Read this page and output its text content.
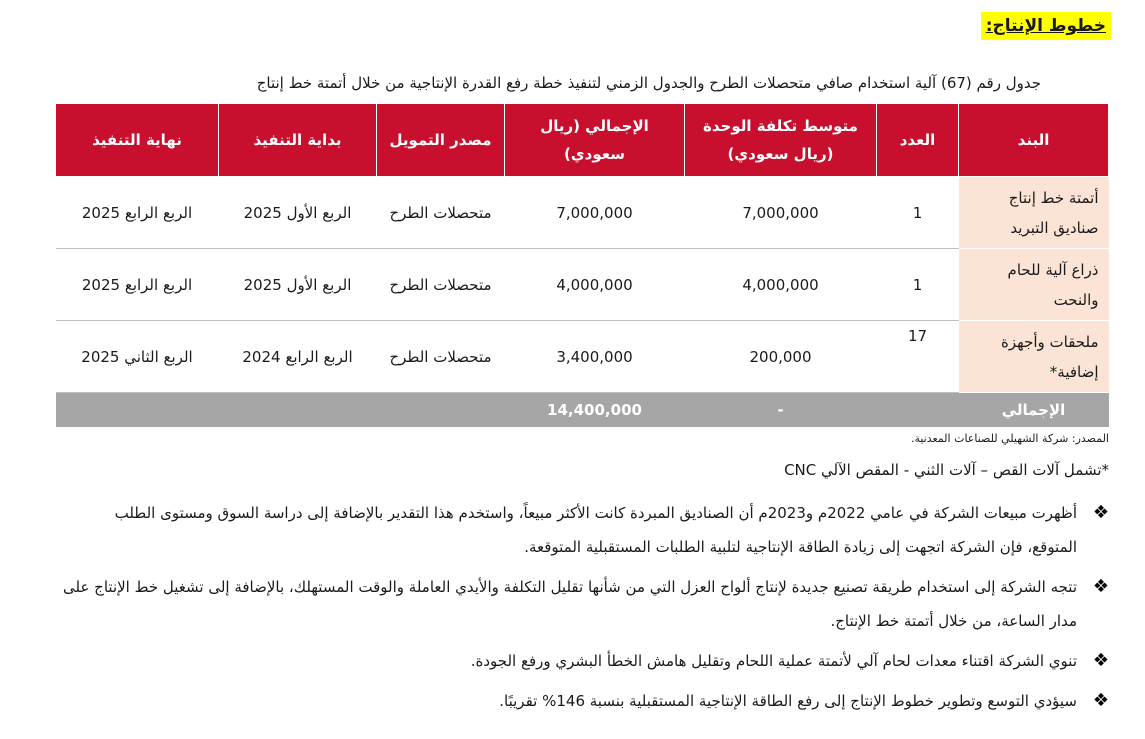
خطوط الإنتاج:
جدول رقم (67) آلية استخدام صافي متحصلات الطرح والجدول الزمني لتنفيذ خطة رفع القدرة الإنتاجية من خلال أتمتة خط إنتاج
البند	العدد	متوسط تكلفة الوحدة (ريال سعودي)	الإجمالي (ريال سعودي)	مصدر التمويل	بداية التنفيذ	نهاية التنفيذ
أتمتة خط إنتاج صناديق التبريد	1	7,000,000	7,000,000	متحصلات الطرح	الربع الأول 2025	الربع الرابع 2025
ذراع آلية للحام والنحت	1	4,000,000	4,000,000	متحصلات الطرح	الربع الأول 2025	الربع الرابع 2025
ملحقات وأجهزة إضافية*	17	200,000	3,400,000	متحصلات الطرح	الربع الرابع 2024	الربع الثاني 2025
الإجمالي		-	14,400,000			
المصدر: شركة الشهيلي للصناعات المعدنية.
*تشمل آلات القص – آلات الثني - المقص الآلي CNC
❖
أظهرت مبيعات الشركة في عامي 2022م و2023م أن الصناديق المبردة كانت الأكثر مبيعاً، واستخدم هذا التقدير بالإضافة إلى دراسة السوق ومستوى الطلب المتوقع، فإن الشركة اتجهت إلى زيادة الطاقة الإنتاجية لتلبية الطلبات المستقبلية المتوقعة.
❖
تتجه الشركة إلى استخدام طريقة تصنيع جديدة لإنتاج ألواح العزل التي من شأنها تقليل التكلفة والأيدي العاملة والوقت المستهلك، بالإضافة إلى تشغيل خط الإنتاج على مدار الساعة، من خلال أتمتة خط الإنتاج.
❖
تنوي الشركة اقتناء معدات لحام آلي لأتمتة عملية اللحام وتقليل هامش الخطأ البشري ورفع الجودة.
❖
سيؤدي التوسع وتطوير خطوط الإنتاج إلى رفع الطاقة الإنتاجية المستقبلية بنسبة 146% تقريبًا.
